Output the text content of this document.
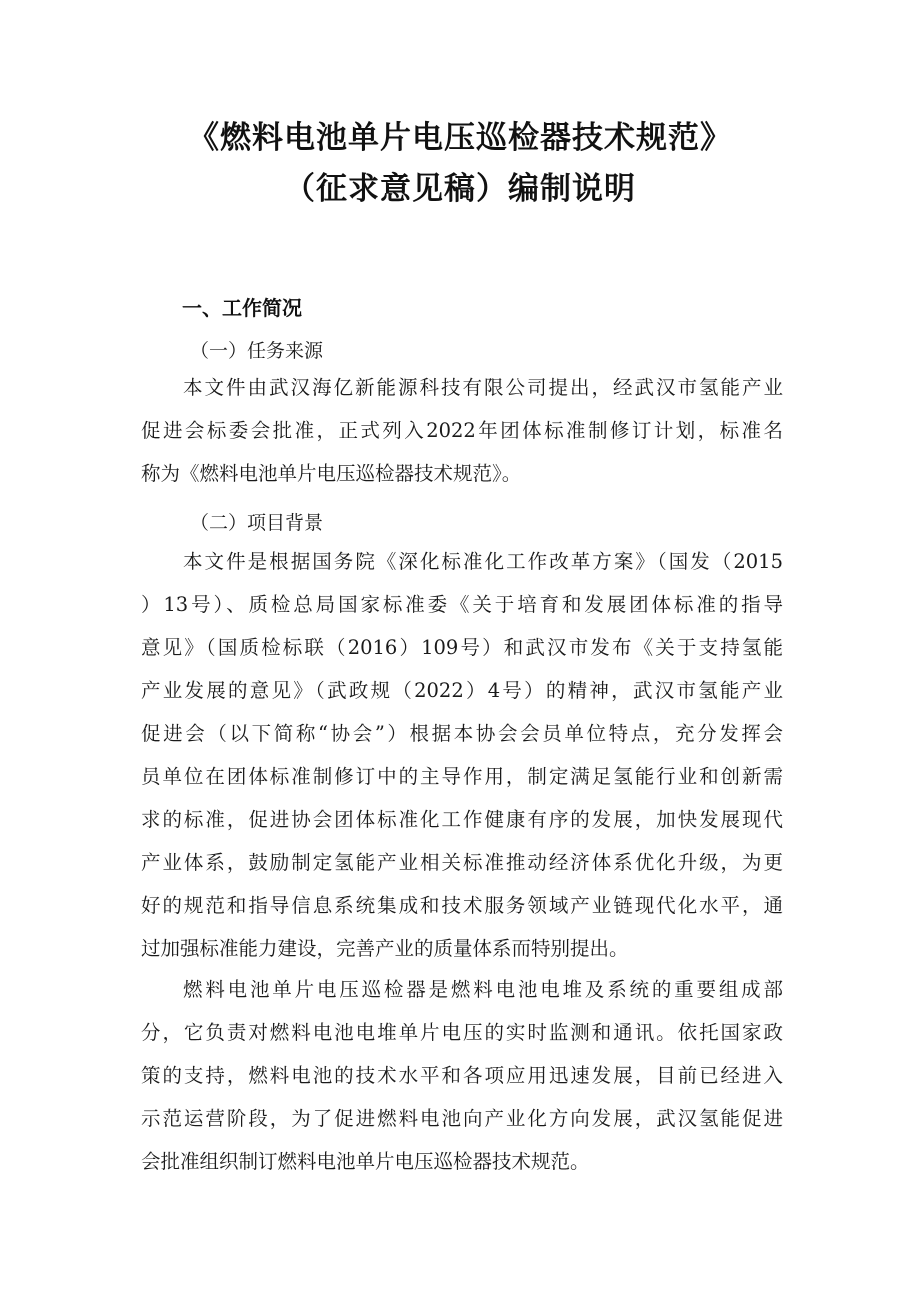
《燃料电池单片电压巡检器技术规范》
（征求意见稿）编制说明
一、工作简况
（一）任务来源
本文件由武汉海亿新能源科技有限公司提出，经武汉市氢能产业
促进会标委会批准，正式列入2022年团体标准制修订计划，标准名
称为《燃料电池单片电压巡检器技术规范》。
（二）项目背景
本文件是根据国务院《深化标准化工作改革方案》（国发（2015
）13号）、质检总局国家标准委《关于培育和发展团体标准的指导
意见》（国质检标联（2016）109号）和武汉市发布《关于支持氢能
产业发展的意见》（武政规（2022）4号）的精神，武汉市氢能产业
促进会（以下简称“协会”）根据本协会会员单位特点，充分发挥会
员单位在团体标准制修订中的主导作用，制定满足氢能行业和创新需
求的标准，促进协会团体标准化工作健康有序的发展，加快发展现代
产业体系，鼓励制定氢能产业相关标准推动经济体系优化升级，为更
好的规范和指导信息系统集成和技术服务领域产业链现代化水平，通
过加强标准能力建设，完善产业的质量体系而特别提出。
燃料电池单片电压巡检器是燃料电池电堆及系统的重要组成部
分，它负责对燃料电池电堆单片电压的实时监测和通讯。依托国家政
策的支持，燃料电池的技术水平和各项应用迅速发展，目前已经进入
示范运营阶段，为了促进燃料电池向产业化方向发展，武汉氢能促进
会批准组织制订燃料电池单片电压巡检器技术规范。
